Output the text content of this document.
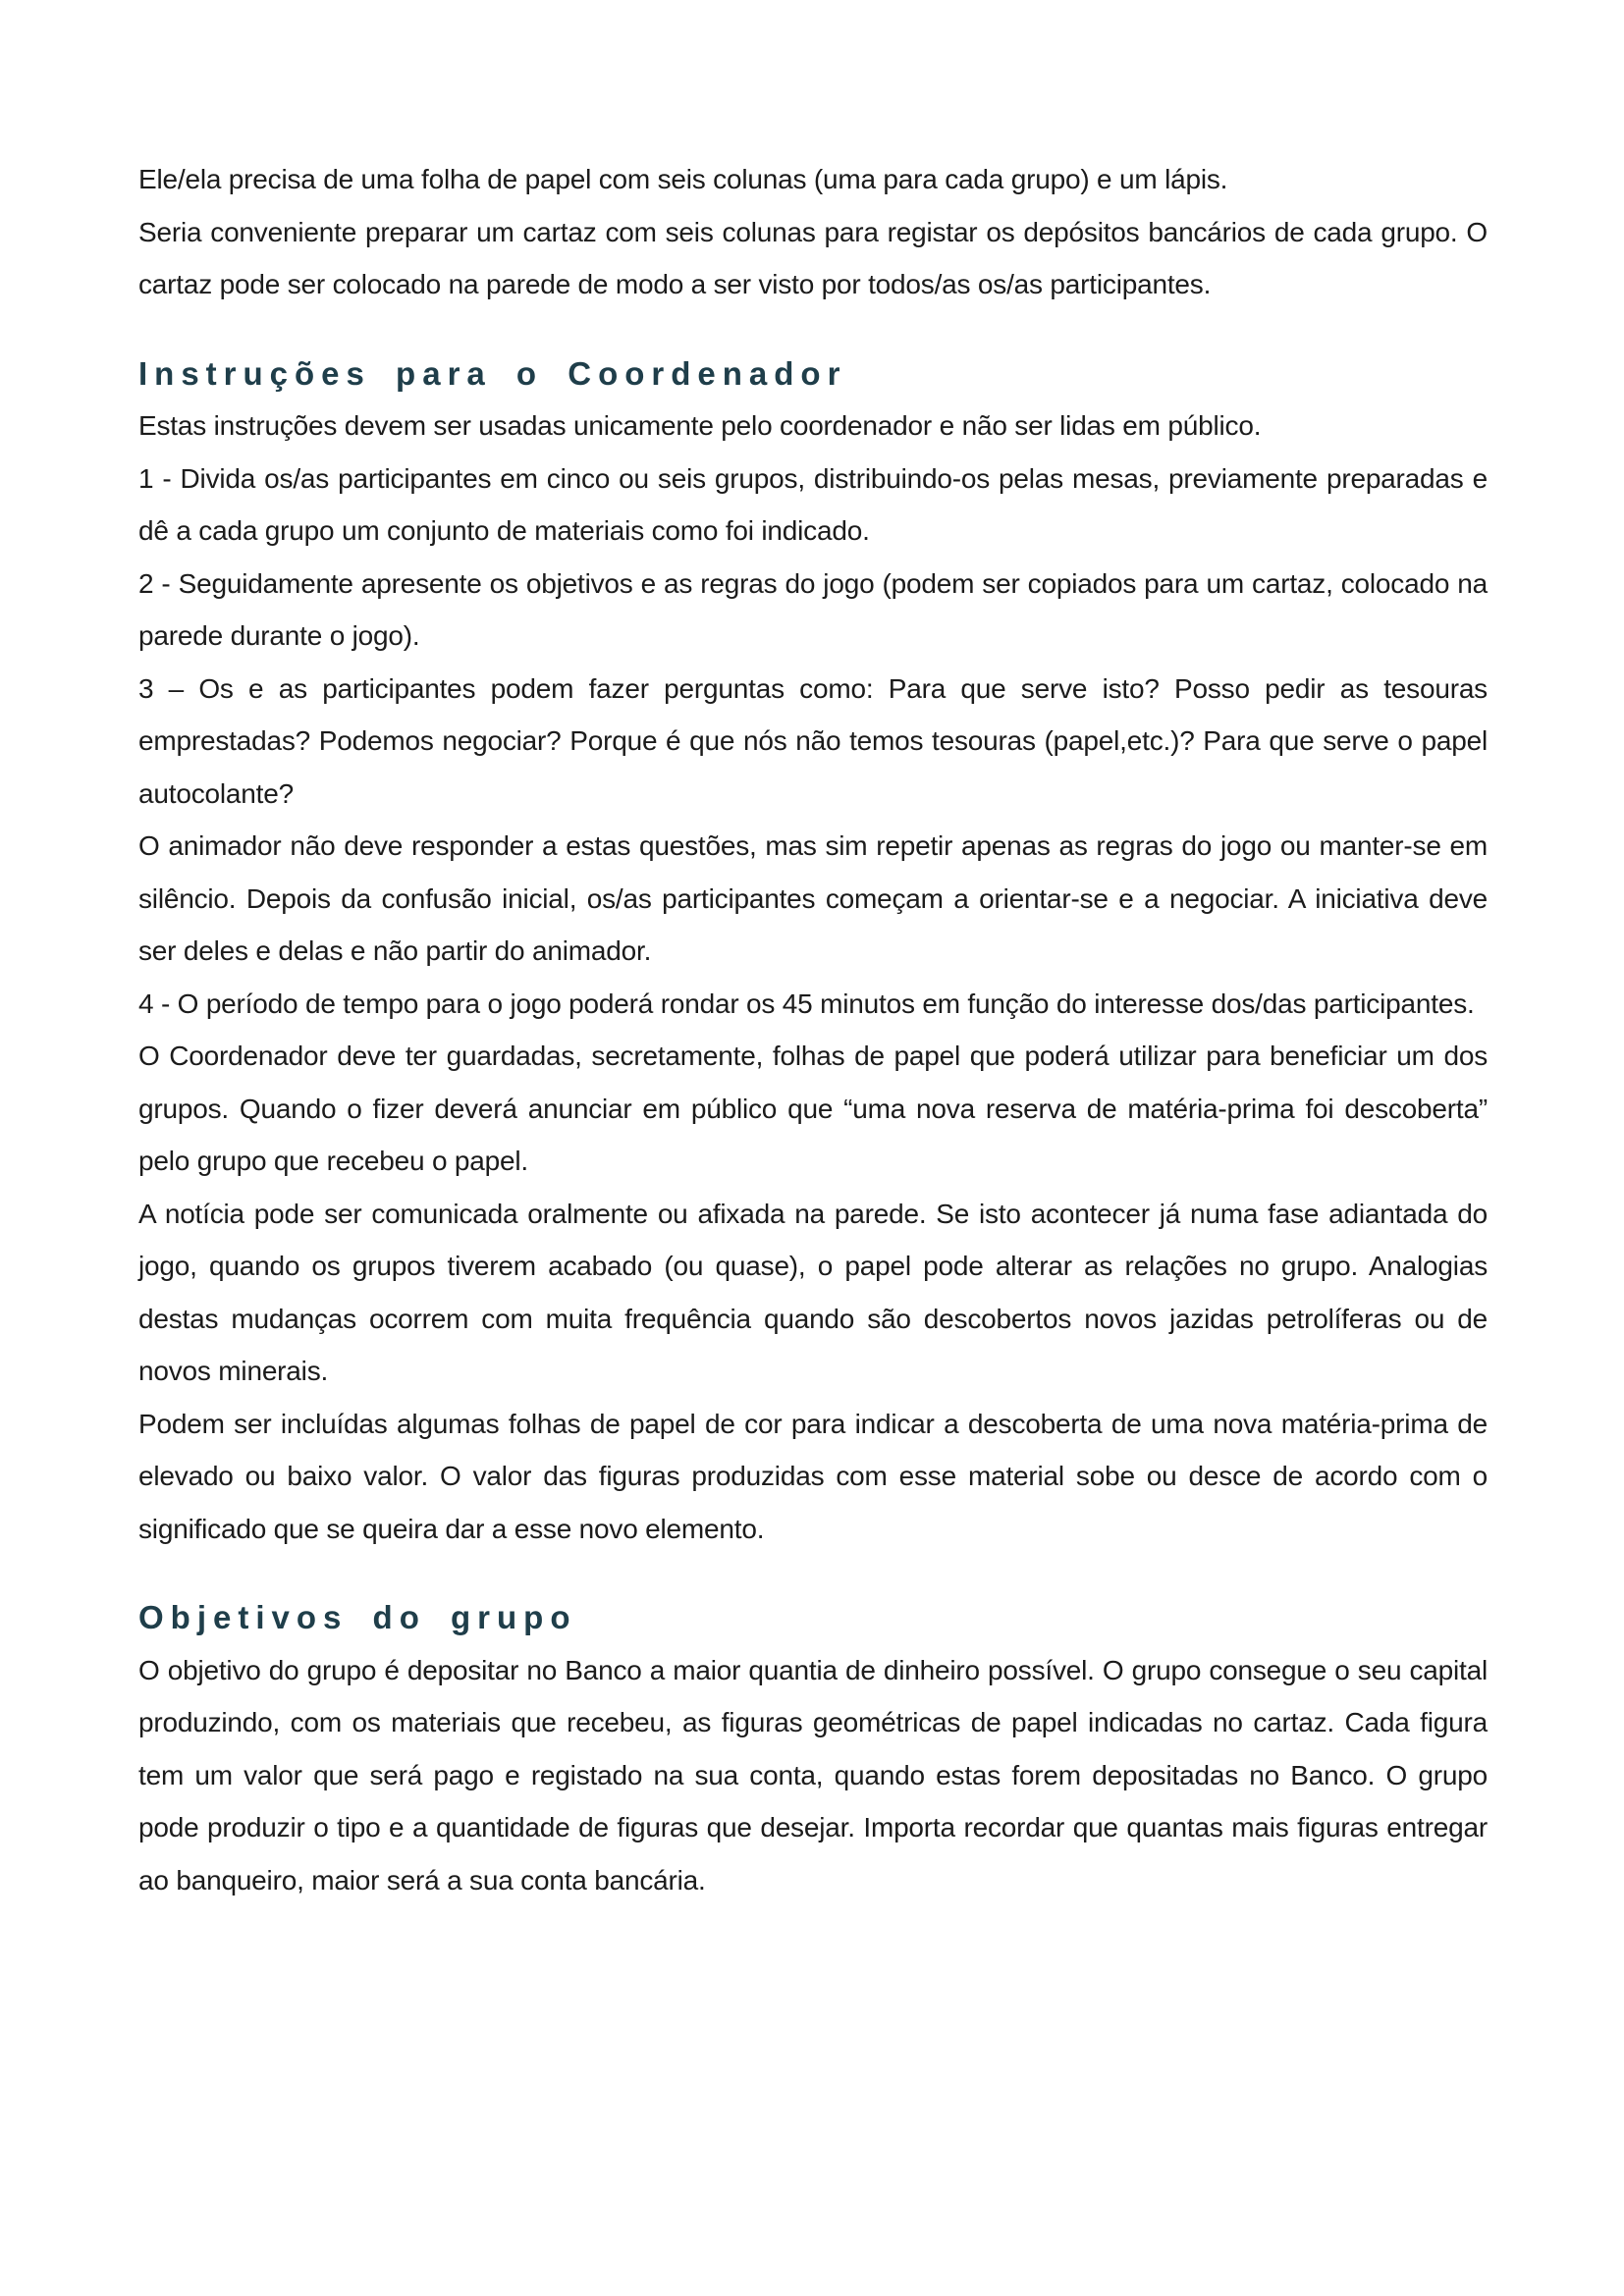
Ele/ela precisa de uma folha de papel com seis colunas (uma para cada grupo) e um lápis.

Seria conveniente preparar um cartaz com seis colunas para registar os depósitos bancários de cada grupo. O cartaz pode ser colocado na parede de modo a ser visto por todos/as os/as participantes.

Instruções para o Coordenador

Estas instruções devem ser usadas unicamente pelo coordenador e não ser lidas em público.

1 - Divida os/as participantes em cinco ou seis grupos, distribuindo-os pelas mesas, previamente preparadas e dê a cada grupo um conjunto de materiais como foi indicado.

2 - Seguidamente apresente os objetivos e as regras do jogo (podem ser copiados para um cartaz, colocado na parede durante o jogo).

3 – Os e as participantes podem fazer perguntas como: Para que serve isto? Posso pedir as tesouras emprestadas? Podemos negociar? Porque é que nós não temos tesouras (papel,etc.)? Para que serve o papel autocolante?

O animador não deve responder a estas questões, mas sim repetir apenas as regras do jogo ou manter-se em silêncio. Depois da confusão inicial, os/as participantes começam a orientar-se e a negociar. A iniciativa deve ser deles e delas e não partir do animador.

4 - O período de tempo para o jogo poderá rondar os 45 minutos em função do interesse dos/das participantes.

O Coordenador deve ter guardadas, secretamente, folhas de papel que poderá utilizar para beneficiar um dos grupos. Quando o fizer deverá anunciar em público que “uma nova reserva de matéria-prima foi descoberta” pelo grupo que recebeu o papel.

A notícia pode ser comunicada oralmente ou afixada na parede. Se isto acontecer já numa fase adiantada do jogo, quando os grupos tiverem acabado (ou quase), o papel pode alterar as relações no grupo. Analogias destas mudanças ocorrem com muita frequência quando são descobertos novos jazidas petrolíferas ou de novos minerais.

Podem ser incluídas algumas folhas de papel de cor para indicar a descoberta de uma nova matéria-prima de elevado ou baixo valor. O valor das figuras produzidas com esse material sobe ou desce de acordo com o significado que se queira dar a esse novo elemento.

Objetivos do grupo

O objetivo do grupo é depositar no Banco a maior quantia de dinheiro possível. O grupo consegue o seu capital produzindo, com os materiais que recebeu, as figuras geométricas de papel indicadas no cartaz. Cada figura tem um valor que será pago e registado na sua conta, quando estas forem depositadas no Banco. O grupo pode produzir o tipo e a quantidade de figuras que desejar. Importa recordar que quantas mais figuras entregar ao banqueiro, maior será a sua conta bancária.
